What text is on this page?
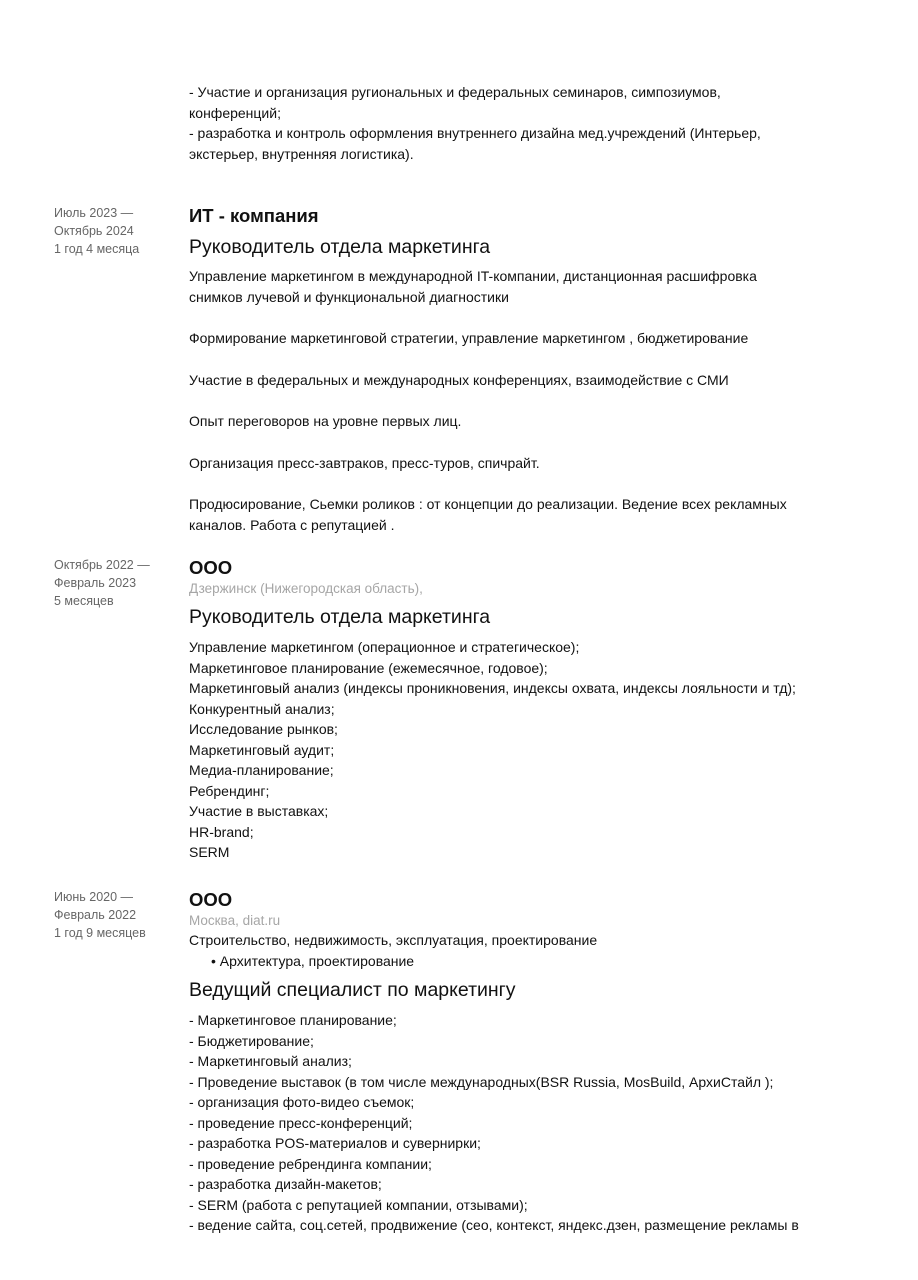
- Участие и организация ругиональных и федеральных семинаров, симпозиумов,
конференций;
- разработка и контроль оформления внутреннего дизайна мед.учреждений (Интерьер,
экстерьер, внутренняя логистика).
Июль 2023 —
Октябрь 2024
1 год 4 месяца
ИТ - компания
Руководитель отдела маркетинга
Управление маркетингом в международной IT-компании, дистанционная расшифровка
снимков лучевой и функциональной диагностики
Формирование маркетинговой стратегии, управление маркетингом , бюджетирование
Участие в федеральных и международных конференциях, взаимодействие с СМИ
Опыт переговоров на уровне первых лиц.
Организация пресс-завтраков, пресс-туров, спичрайт.
Продюсирование, Сьемки роликов : от концепции до реализации. Ведение всех рекламных
каналов. Работа с репутацией .
Октябрь 2022 —
Февраль 2023
5 месяцев
ООО
Дзержинск (Нижегородская область),
Руководитель отдела маркетинга
Управление маркетингом (операционное и стратегическое);
Маркетинговое планирование (ежемесячное, годовое);
Маркетинговый анализ (индексы проникновения, индексы охвата, индексы лояльности и тд);
Конкурентный анализ;
Исследование рынков;
Маркетинговый аудит;
Медиа-планирование;
Ребрендинг;
Участие в выставках;
HR-brand;
SERM
Июнь 2020 —
Февраль 2022
1 год 9 месяцев
ООО
Москва, diat.ru
Строительство, недвижимость, эксплуатация, проектирование
• Архитектура, проектирование
Ведущий специалист по маркетингу
- Маркетинговое планирование;
- Бюджетирование;
- Маркетинговый анализ;
- Проведение выставок (в том числе международных(BSR Russia, MosBuild, АрхиСтайл );
- организация фото-видео съемок;
- проведение пресс-конференций;
- разработка POS-материалов и сувернирки;
- проведение ребрендинга компании;
- разработка дизайн-макетов;
- SERM (работа с репутацией компании, отзывами);
- ведение сайта, соц.сетей, продвижение (сео, контекст, яндекс.дзен, размещение рекламы в
